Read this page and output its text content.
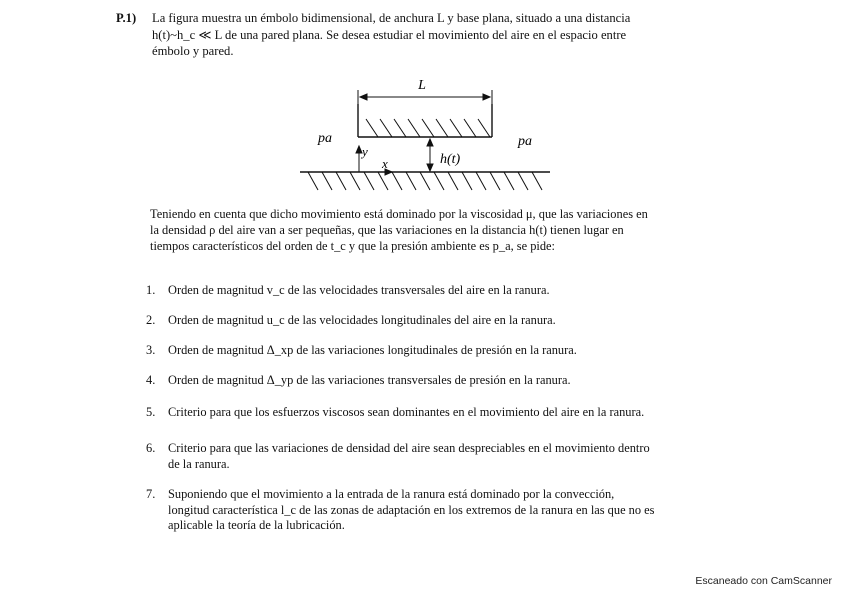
P.1) La figura muestra un émbolo bidimensional, de anchura L y base plana, situado a una distancia
h(t)~h_c ≪ L de una pared plana. Se desea estudiar el movimiento del aire en el espacio entre
émbolo y pared.
L
pa	pa
y
x	h(t)
Teniendo en cuenta que dicho movimiento está dominado por la viscosidad μ, que las variaciones en
la densidad ρ del aire van a ser pequeñas, que las variaciones en la distancia h(t) tienen lugar en
tiempos característicos del orden de t_c y que la presión ambiente es p_a, se pide:
1. Orden de magnitud v_c de las velocidades transversales del aire en la ranura.
2. Orden de magnitud u_c de las velocidades longitudinales del aire en la ranura.
3. Orden de magnitud Δ_xp de las variaciones longitudinales de presión en la ranura.
4. Orden de magnitud Δ_yp de las variaciones transversales de presión en la ranura.
5. Criterio para que los esfuerzos viscosos sean dominantes en el movimiento del aire en la ranura.
6. Criterio para que las variaciones de densidad del aire sean despreciables en el movimiento dentro
de la ranura.
7. Suponiendo que el movimiento a la entrada de la ranura está dominado por la convección,
longitud característica l_c de las zonas de adaptación en los extremos de la ranura en las que no es
aplicable la teoría de la lubricación.
Escaneado con CamScanner
